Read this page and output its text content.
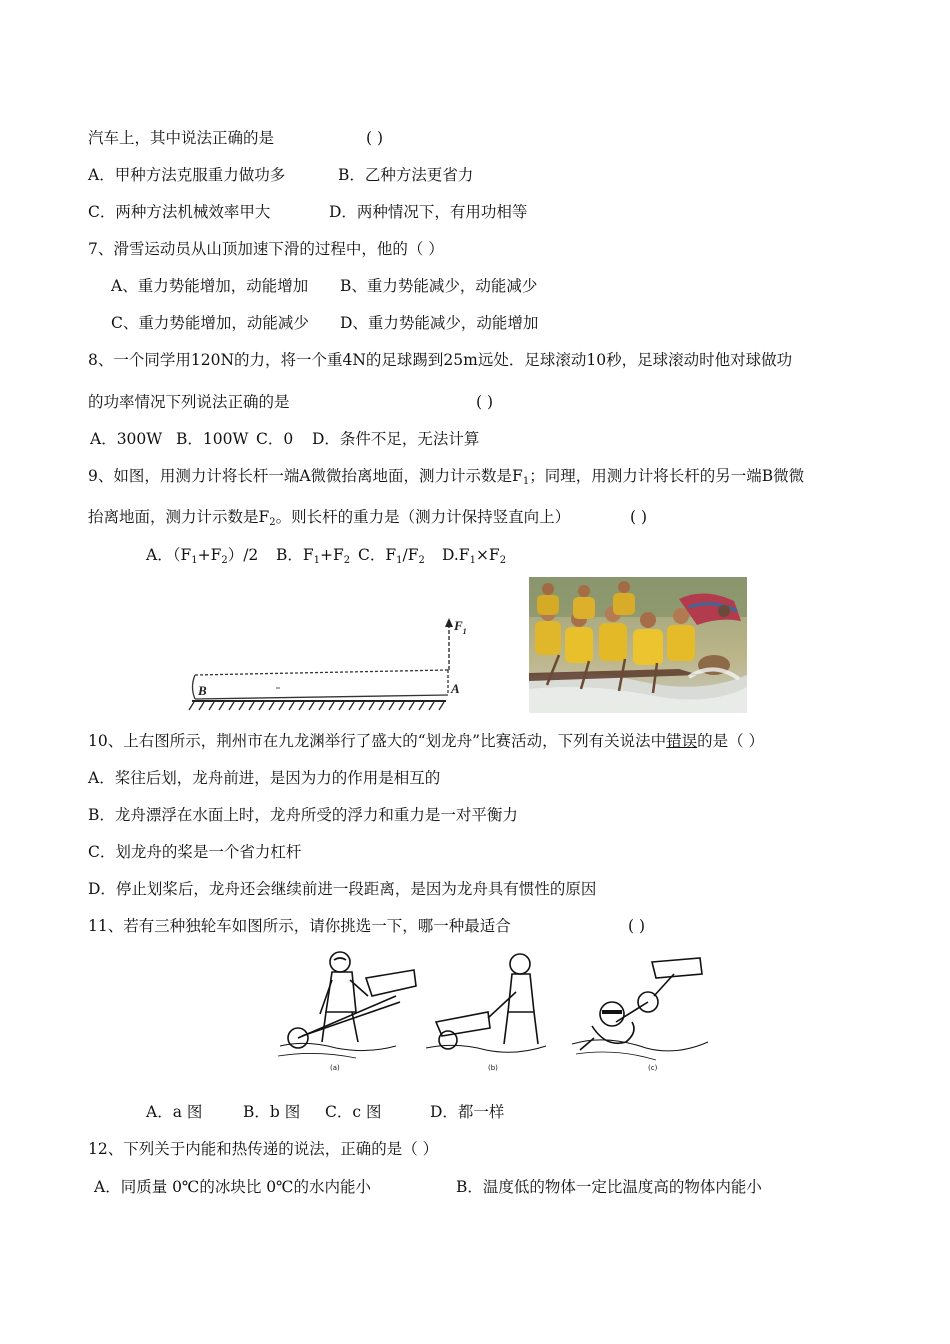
汽车上，其中说法正确的是	( )
A．甲种方法克服重力做功多	B．乙种方法更省力
C．两种方法机械效率甲大	D．两种情况下，有用功相等
7、滑雪运动员从山顶加速下滑的过程中，他的（ ）
A、重力势能增加，动能增加 B、重力势能减少，动能减少
C、重力势能增加，动能减少 D、重力势能减少，动能增加
8、一个同学用120N的力，将一个重4N的足球踢到25m远处．足球滚动10秒，足球滚动时他对球做功
的功率情况下列说法正确的是	( )
A．300W B．100W C．0 D．条件不足，无法计算
9、如图，用测力计将长杆一端A微微抬离地面，测力计示数是$F_1$；同理，用测力计将长杆的另一端B微微
抬离地面，测力计示数是$F_2$。则长杆的重力是（测力计保持竖直向上）	( )
A．$(F_1+F_2)/2$ B．$F_1+F_2$ C．$F_1/F_2$ $D.F_1\times F_2$
$F_1$
A
B
10、上右图所示，荆州市在九龙渊举行了盛大的“划龙舟”比赛活动，下列有关说法中错误的是（ ）
A．桨往后划，龙舟前进，是因为力的作用是相互的
B．龙舟漂浮在水面上时，龙舟所受的浮力和重力是一对平衡力
C．划龙舟的桨是一个省力杠杆
D．停止划桨后，龙舟还会继续前进一段距离，是因为龙舟具有惯性的原因
11、若有三种独轮车如图所示，请你挑选一下，哪一种最适合	( )
(a)	(b)	(c)
A．a 图	B．b 图 C．c 图	D．都一样
12、下列关于内能和热传递的说法，正确的是（ ）
A．同质量 0℃的冰块比 0℃的水内能小	B．温度低的物体一定比温度高的物体内能小
